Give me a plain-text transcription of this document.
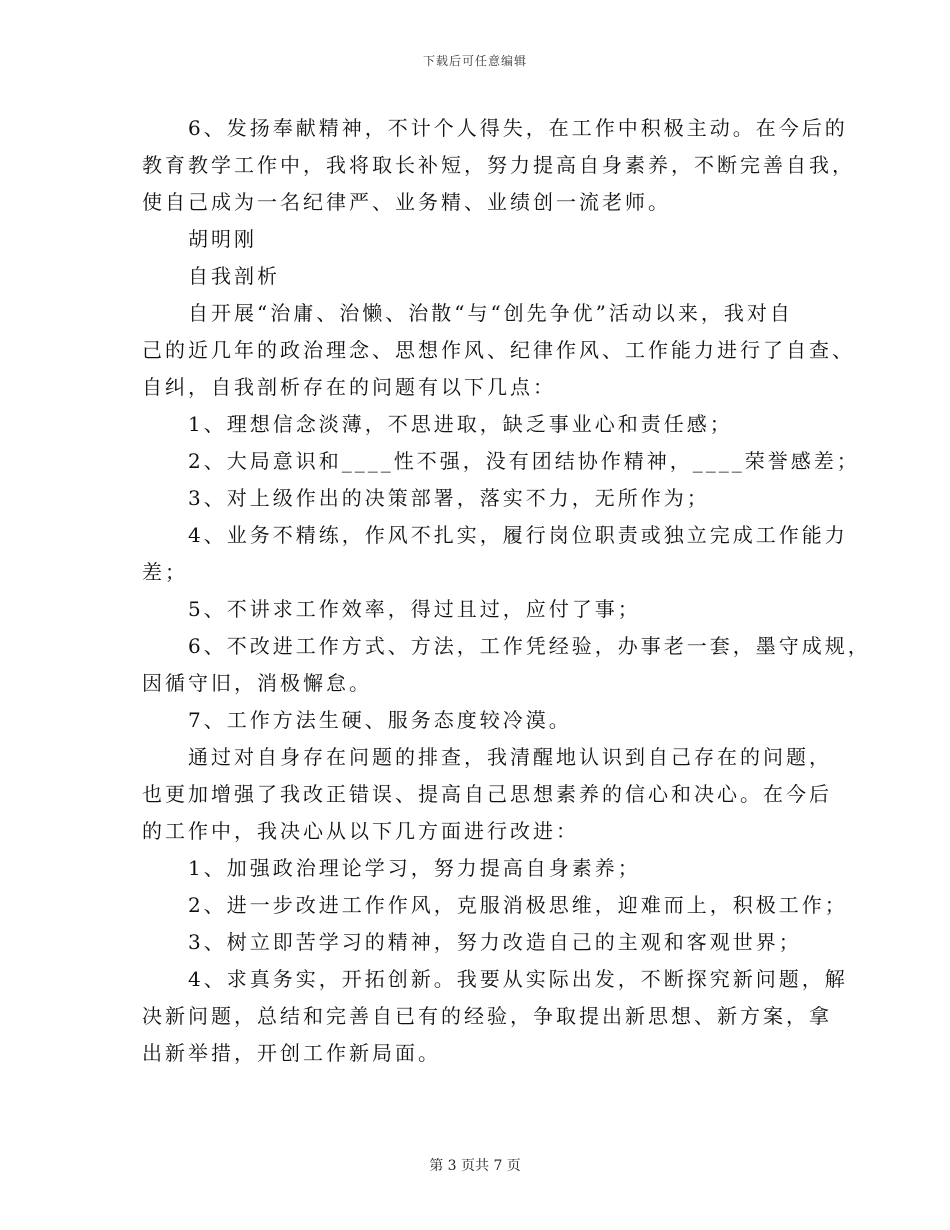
下载后可任意编辑
6、发扬奉献精神，不计个人得失，在工作中积极主动。在今后的
教育教学工作中，我将取长补短，努力提高自身素养，不断完善自我，
使自己成为一名纪律严、业务精、业绩创一流老师。
胡明刚
自我剖析
自开展“治庸、治懒、治散“与“创先争优”活动以来，我对自
己的近几年的政治理念、思想作风、纪律作风、工作能力进行了自查、
自纠，自我剖析存在的问题有以下几点：
1、理想信念淡薄，不思进取，缺乏事业心和责任感；
2、大局意识和____性不强，没有团结协作精神，____荣誉感差；
3、对上级作出的决策部署，落实不力，无所作为；
4、业务不精练，作风不扎实，履行岗位职责或独立完成工作能力
差；
5、不讲求工作效率，得过且过，应付了事；
6、不改进工作方式、方法，工作凭经验，办事老一套，墨守成规，
因循守旧，消极懈怠。
7、工作方法生硬、服务态度较冷漠。
通过对自身存在问题的排查，我清醒地认识到自己存在的问题，
也更加增强了我改正错误、提高自己思想素养的信心和决心。在今后
的工作中，我决心从以下几方面进行改进：
1、加强政治理论学习，努力提高自身素养；
2、进一步改进工作作风，克服消极思维，迎难而上，积极工作；
3、树立即苦学习的精神，努力改造自己的主观和客观世界；
4、求真务实，开拓创新。我要从实际出发，不断探究新问题，解
决新问题，总结和完善自已有的经验，争取提出新思想、新方案，拿
出新举措，开创工作新局面。
第 3 页共 7 页
